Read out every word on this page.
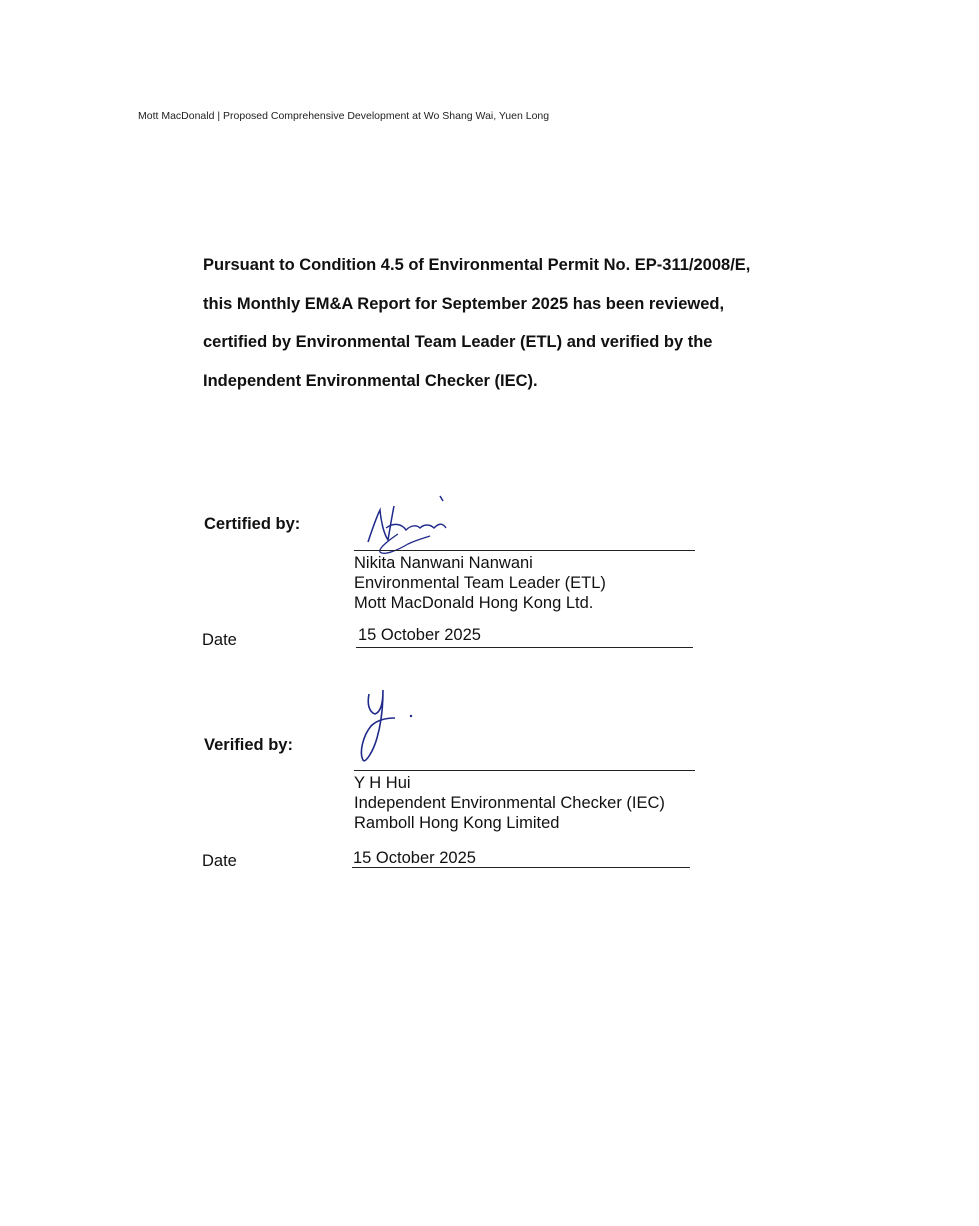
Mott MacDonald | Proposed Comprehensive Development at Wo Shang Wai, Yuen Long
Pursuant to Condition 4.5 of Environmental Permit No. EP-311/2008/E,
this Monthly EM&A Report for September 2025 has been reviewed,
certified by Environmental Team Leader (ETL) and verified by the
Independent Environmental Checker (IEC).
Certified by:
Nikita Nanwani Nanwani
Environmental Team Leader (ETL)
Mott MacDonald Hong Kong Ltd.
Date	15 October 2025
Verified by:
Y H Hui
Independent Environmental Checker (IEC)
Ramboll Hong Kong Limited
Date	15 October 2025
